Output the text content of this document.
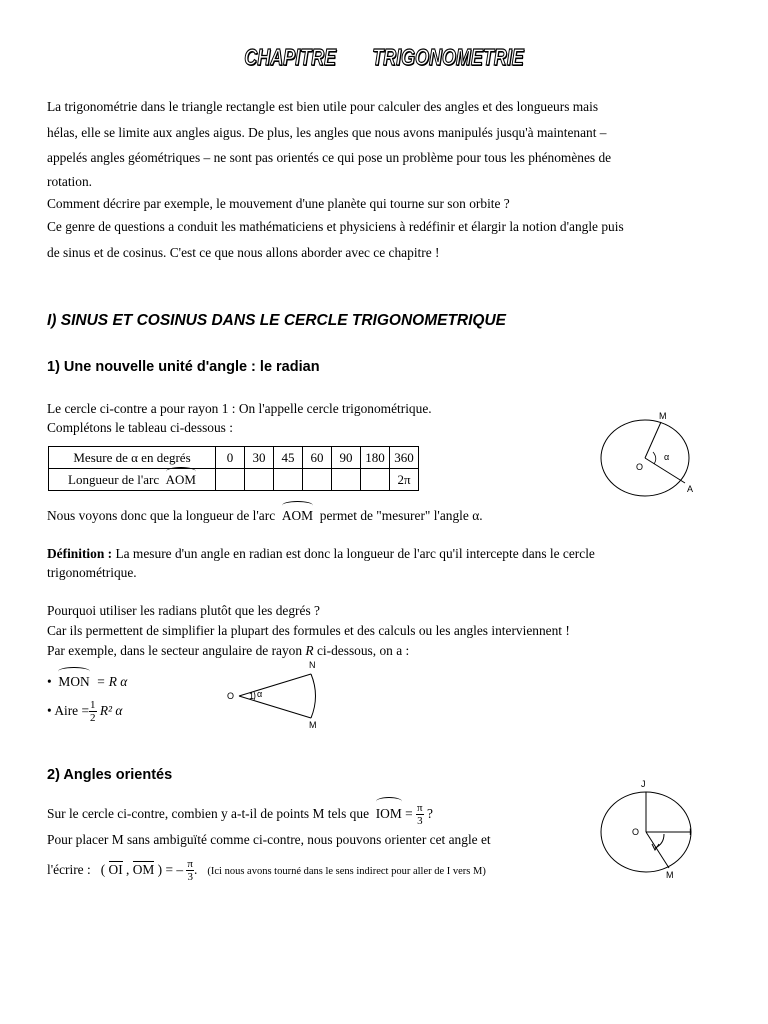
CHAPITRE TRIGONOMETRIE
La trigonométrie dans le triangle rectangle est bien utile pour calculer des angles et des longueurs mais
hélas, elle se limite aux angles aigus. De plus, les angles que nous avons manipulés jusqu'à maintenant –
appelés angles géométriques – ne sont pas orientés ce qui pose un problème pour tous les phénomènes de
rotation.
Comment décrire par exemple, le mouvement d'une planète qui tourne sur son orbite ?
Ce genre de questions a conduit les mathématiciens et physiciens à redéfinir et élargir la notion d'angle puis
de sinus et de cosinus. C'est ce que nous allons aborder avec ce chapitre !
I) SINUS ET COSINUS DANS LE CERCLE TRIGONOMETRIQUE
1) Une nouvelle unité d'angle : le radian
Le cercle ci-contre a pour rayon 1 : On l'appelle cercle trigonométrique.
Complétons le tableau ci-dessous :
Mesure de α en degrés	0	30	45	60	90	180	360
Longueur de l'arc AOM							2π
M
O
A
α
Nous voyons donc que la longueur de l'arc AOM permet de "mesurer" l'angle α.
Définition : La mesure d'un angle en radian est donc la longueur de l'arc qu'il intercepte dans le cercle
trigonométrique.
Pourquoi utiliser les radians plutôt que les degrés ?
Car ils permettent de simplifier la plupart des formules et des calculs ou les angles interviennent !
Par exemple, dans le secteur angulaire de rayon R ci-dessous, on a :
• MON = R α
• Aire = $\frac{1}{2} R^2$ α
N
O
M
1 α
2) Angles orientés
Sur le cercle ci-contre, combien y a-t-il de points M tels que IOM = $\frac{\pi}{3}$ ?
Pour placer M sans ambiguïté comme ci-contre, nous pouvons orienter cet angle et
l'écrire :   ( OI , OM ) = – $\frac{\pi}{3}$ .   (Ici nous avons tourné dans le sens indirect pour aller de I vers M)
J
O	I
M
